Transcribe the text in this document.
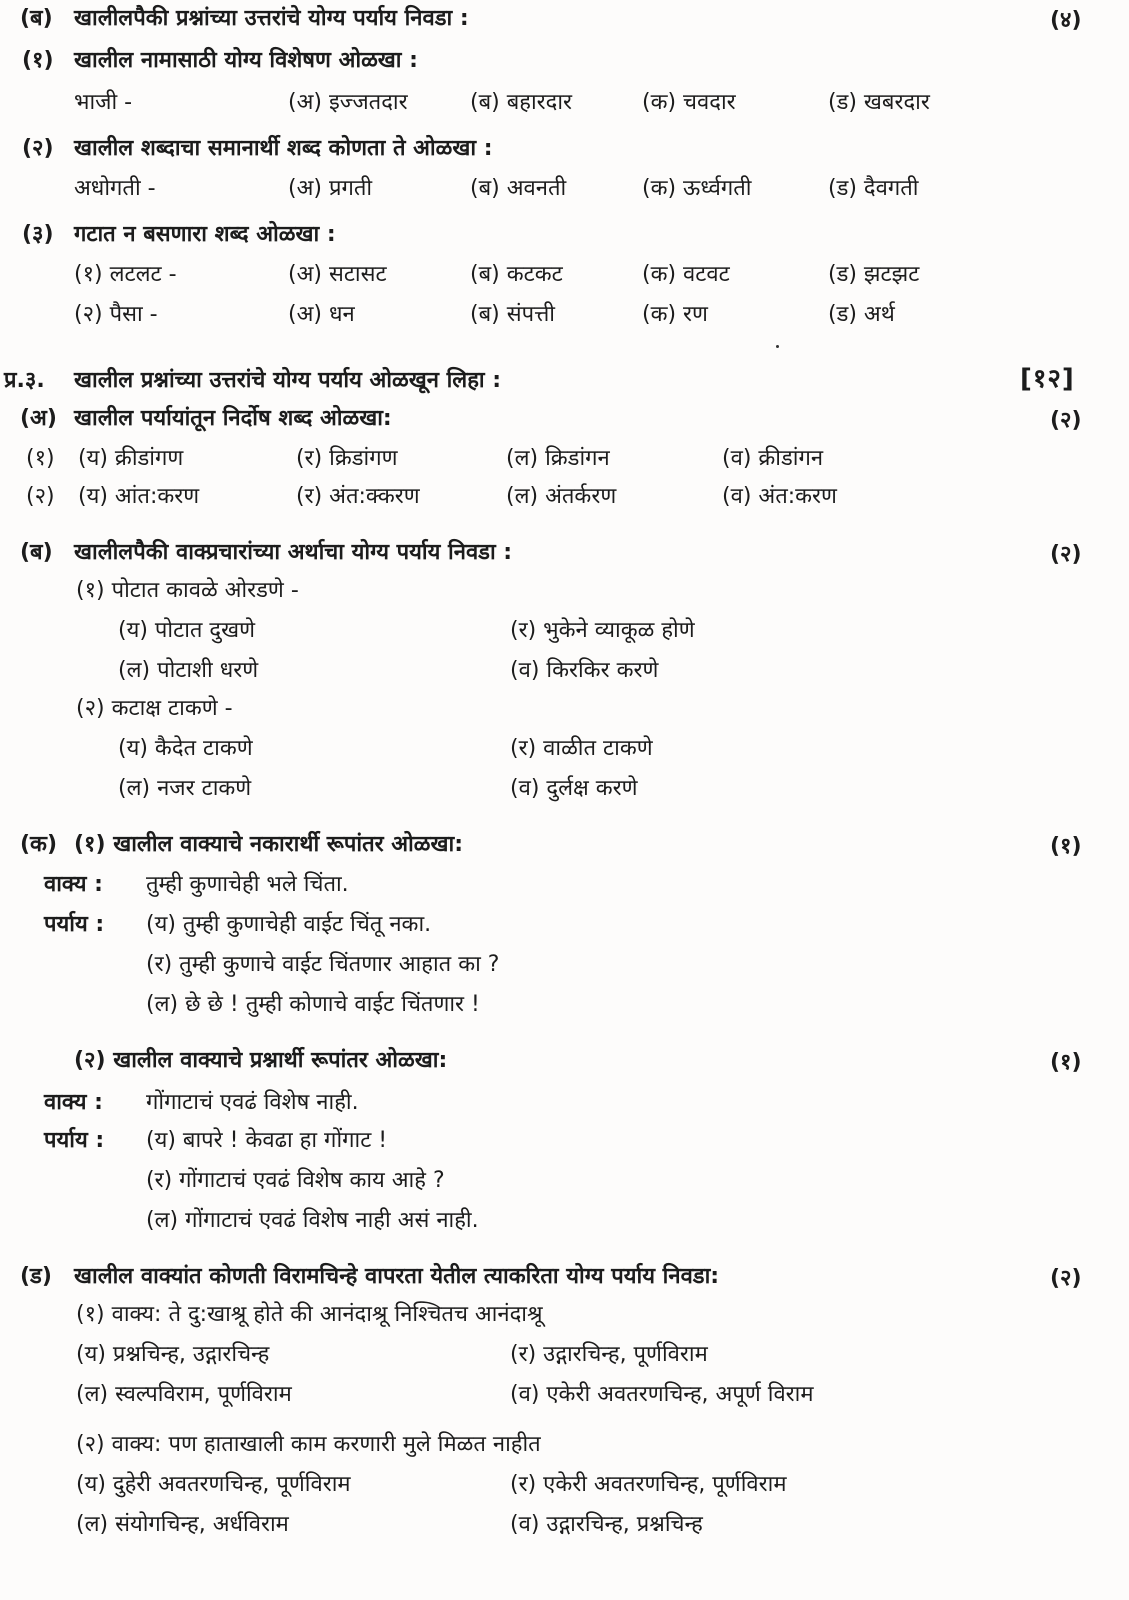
(ब) खालीलपैकी प्रश्नांच्या उत्तरांचे योग्य पर्याय निवडा :	(४)
(१) खालील नामासाठी योग्य विशेषण ओळखा :
भाजी -	(अ) इज्जतदार	(ब) बहारदार	(क) चवदार	(ड) खबरदार
(२) खालील शब्दाचा समानार्थी शब्द कोणता ते ओळखा :
अधोगती -	(अ) प्रगती	(ब) अवनती	(क) ऊर्ध्वगती	(ड) दैवगती
(३) गटात न बसणारा शब्द ओळखा :
(१) लटलट -	(अ) सटासट	(ब) कटकट	(क) वटवट	(ड) झटझट
(२) पैसा -	(अ) धन	(ब) संपत्ती	(क) रण	(ड) अर्थ
प्र.३. खालील प्रश्नांच्या उत्तरांचे योग्य पर्याय ओळखून लिहा :	[१२]
(अ) खालील पर्यायांतून निर्दोष शब्द ओळखा:	(२)
(१) (य) क्रीडांगण	(र) क्रिडांगण	(ल) क्रिडांगन	(व) क्रीडांगन
(२) (य) आंत:करण	(र) अंत:क्करण	(ल) अंतर्करण	(व) अंत:करण
(ब) खालीलपैकी वाक्प्रचारांच्या अर्थाचा योग्य पर्याय निवडा :	(२)
(१) पोटात कावळे ओरडणे -
(य) पोटात दुखणे	(र) भुकेने व्याकूळ होणे
(ल) पोटाशी धरणे	(व) किरकिर करणे
(२) कटाक्ष टाकणे -
(य) कैदेत टाकणे	(र) वाळीत टाकणे
(ल) नजर टाकणे	(व) दुर्लक्ष करणे
(क) (१) खालील वाक्याचे नकारार्थी रूपांतर ओळखा:	(१)
वाक्य : तुम्ही कुणाचेही भले चिंता.
पर्याय : (य) तुम्ही कुणाचेही वाईट चिंतू नका.
(र) तुम्ही कुणाचे वाईट चिंतणार आहात का ?
(ल) छे छे ! तुम्ही कोणाचे वाईट चिंतणार !
(२) खालील वाक्याचे प्रश्नार्थी रूपांतर ओळखा:	(१)
वाक्य : गोंगाटाचं एवढं विशेष नाही.
पर्याय : (य) बापरे ! केवढा हा गोंगाट !
(र) गोंगाटाचं एवढं विशेष काय आहे ?
(ल) गोंगाटाचं एवढं विशेष नाही असं नाही.
(ड) खालील वाक्यांत कोणती विरामचिन्हे वापरता येतील त्याकरिता योग्य पर्याय निवडा:	(२)
(१) वाक्य: ते दु:खाश्रू होते की आनंदाश्रू निश्चितच आनंदाश्रू
(य) प्रश्नचिन्ह, उद्गारचिन्ह	(र) उद्गारचिन्ह, पूर्णविराम
(ल) स्वल्पविराम, पूर्णविराम	(व) एकेरी अवतरणचिन्ह, अपूर्ण विराम
(२) वाक्य: पण हाताखाली काम करणारी मुले मिळत नाहीत
(य) दुहेरी अवतरणचिन्ह, पूर्णविराम	(र) एकेरी अवतरणचिन्ह, पूर्णविराम
(ल) संयोगचिन्ह, अर्धविराम	(व) उद्गारचिन्ह, प्रश्नचिन्ह
